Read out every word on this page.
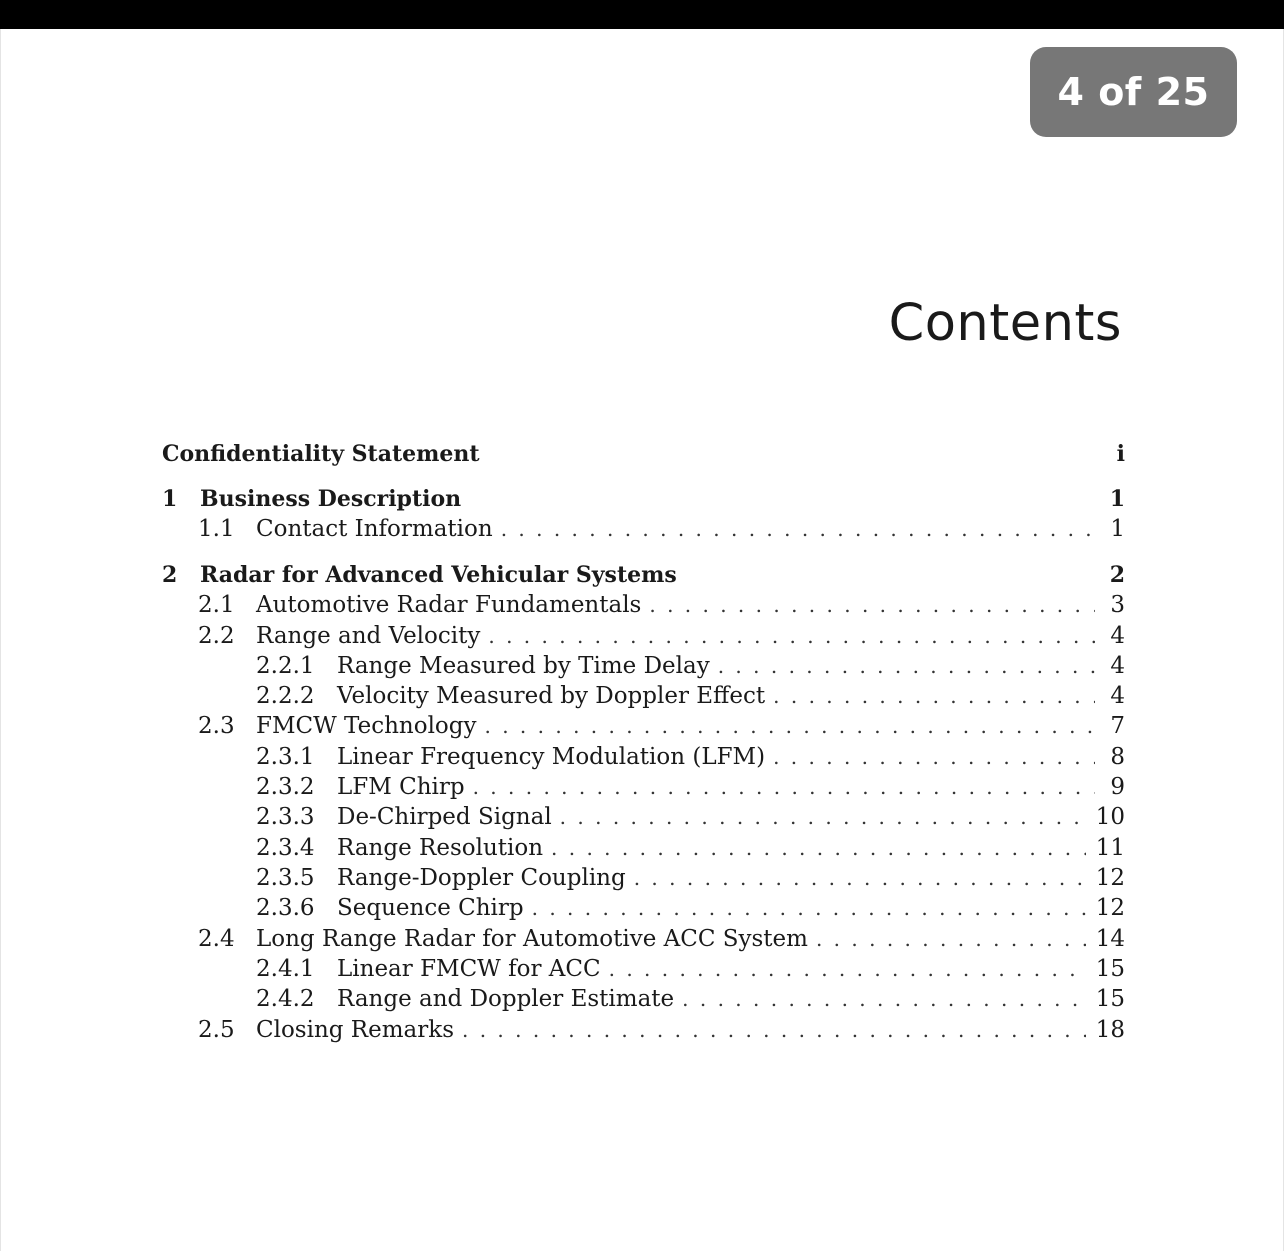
4 of 25
Contents
Confidentiality Statement	i
1	Business Description	1
1.1 Contact Information . . .	1
2	Radar for Advanced Vehicular Systems	2
2.1 Automotive Radar Fundamentals . . .	3
2.2 Range and Velocity . . .	4
2.2.1 Range Measured by Time Delay . . .	4
2.2.2 Velocity Measured by Doppler Effect . . .	4
2.3 FMCW Technology . . .	7
2.3.1 Linear Frequency Modulation (LFM) . . .	8
2.3.2 LFM Chirp . . .	9
2.3.3 De-Chirped Signal . . .	10
2.3.4 Range Resolution . . .	11
2.3.5 Range-Doppler Coupling . . .	12
2.3.6 Sequence Chirp . . .	12
2.4 Long Range Radar for Automotive ACC System . . .	14
2.4.1 Linear FMCW for ACC . . .	15
2.4.2 Range and Doppler Estimate . . .	15
2.5 Closing Remarks . . .	18
